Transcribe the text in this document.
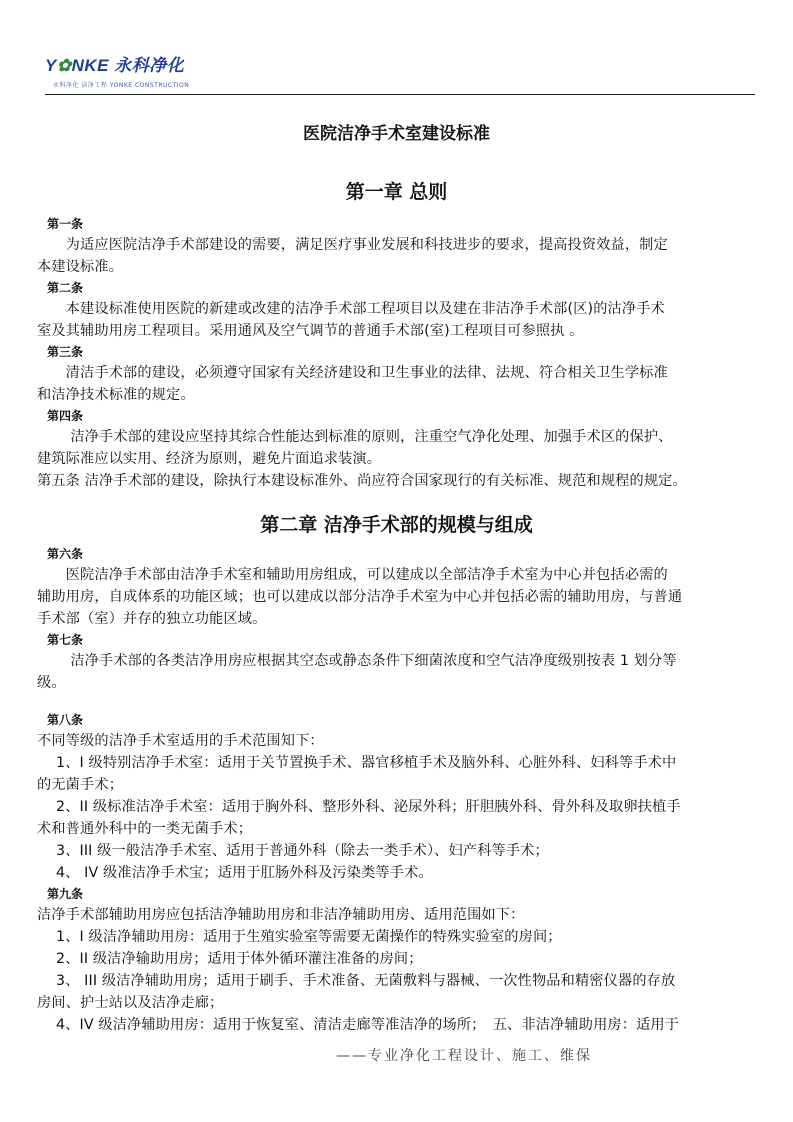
Y✿NKE 永科净化
永科净化 洁净工程 YONKE CONSTRUCTION
医院洁净手术室建设标准
第一章 总则
第一条
　　为适应医院洁净手术部建设的需要，满足医疗事业发展和科技进步的要求，提高投资效益，制定
本建设标准。
第二条
　　本建设标准使用医院的新建或改建的洁净手术部工程项目以及建在非洁净手术部(区)的沽净手术
室及其辅助用房工程项目。采用通风及空气调节的普通手术部(室)工程项目可参照执 。
第三条
　　清洁手术部的建设，必须遵守国家有关经济建设和卫生事业的法律、法规、符合相关卫生学标准
和洁净技术标准的规定。
第四条
　　 洁净手术部的建设应坚持其综合性能达到标准的原则，注重空气净化处理、加强手术区的保护、
建筑际准应以实用、经济为原则，避免片面追求装演。
第五条 洁净手术部的建设，除执行本建设标准外、尚应符合国家现行的有关标准、规范和规程的规定。
第二章 洁净手术部的规模与组成
第六条
　　医院洁净手术部由洁净手术室和辅助用房组成，可以建成以全部洁净手术室为中心并包括必需的
辅助用房，自成体系的功能区域；也可以建成以部分洁净手术室为中心并包括必需的辅助用房，与普通
手术部（室）并存的独立功能区域。
第七条
　　 洁净手术部的各类洁净用房应根据其空态或静态条件下细菌浓度和空气洁净度级别按表 1 划分等
级。
第八条
不同等级的洁净手术室适用的手术范围知下：
　 1、I 级特别洁净手术室：适用于关节置换手术、器官移植手术及脑外科、心脏外科、妇科等手术中
的无菌手术；
　 2、II 级标准洁净手术室：适用于胸外科、整形外科、泌尿外科；肝胆胰外科、骨外科及取卵扶植手
术和普通外科中的一类无菌手术；
　 3、III 级一般洁净手术室、适用于普通外科（除去一类手术）、妇产科等手术；
　 4、 IV 级准洁净手术宝；适用于肛肠外科及污染类等手术。
第九条
洁净手术部辅助用房应包括洁净辅助用房和非洁净辅助用房、适用范围如下：
　 1、I 级洁净辅助用房：适用于生殖实验室等需要无菌操作的特殊实验室的房间；
　 2、II 级洁净输助用房；适用于体外循环灌注准备的房间；
　 3、 III 级洁净辅助用房；适用于刷手、手术准备、无菌敷料与器械、一次性物品和精密仪器的存放
房间、护士站以及洁净走廊；
　 4、IV 级洁净辅助用房：适用于恢复室、清洁走廊等准洁净的场所；　五、非洁净辅助用房：适用于
——专业净化工程设计、施工、维保
